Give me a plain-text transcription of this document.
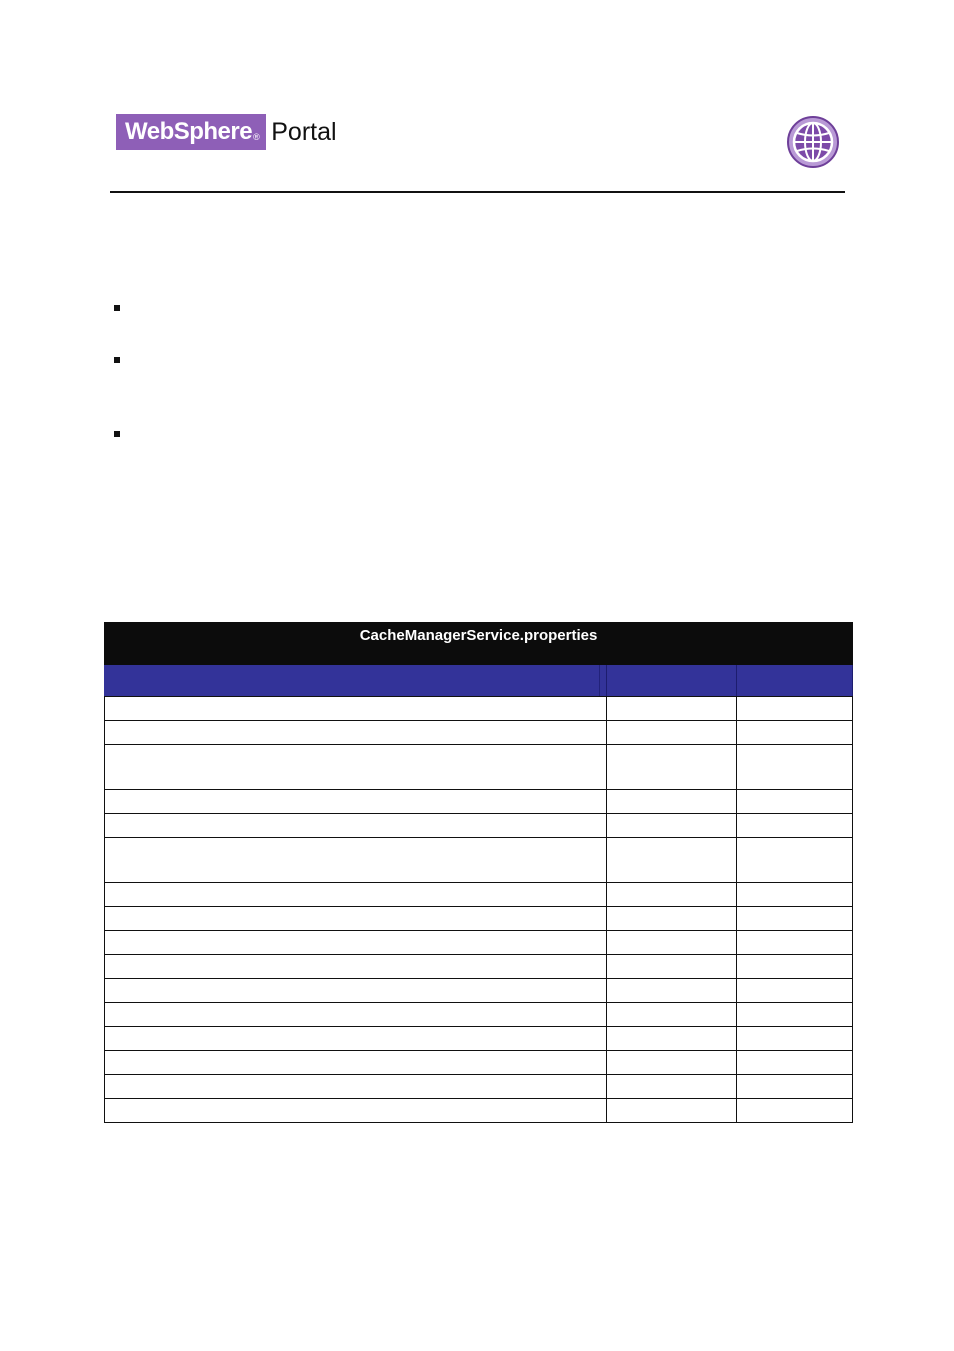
WebSphere ® Portal
CacheManagerService.properties		
